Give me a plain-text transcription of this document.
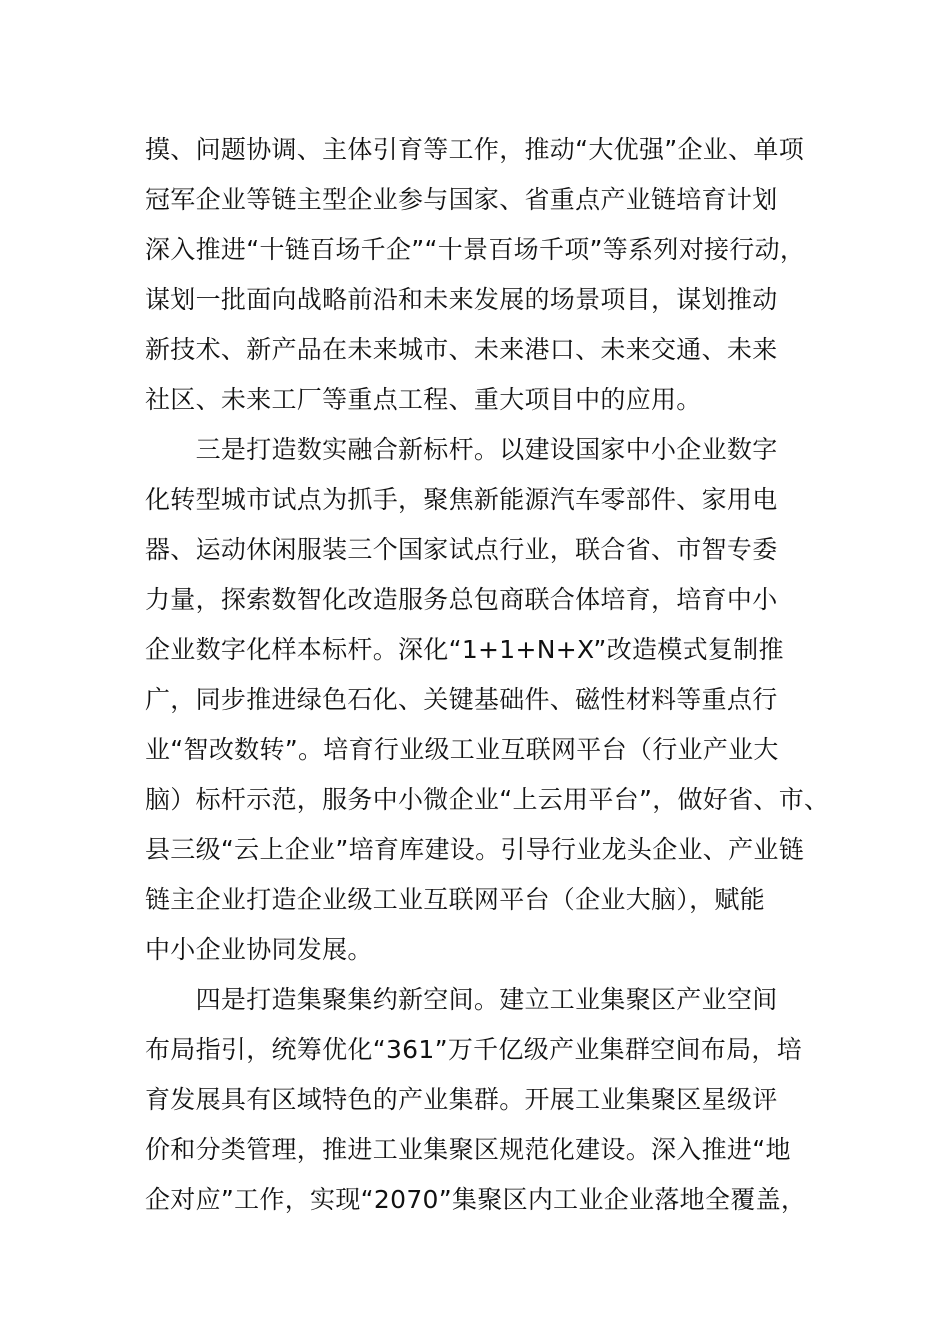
摸、问题协调、主体引育等工作，推动“大优强”企业、单项
冠军企业等链主型企业参与国家、省重点产业链培育计划
深入推进“十链百场千企”“十景百场千项”等系列对接行动，
谋划一批面向战略前沿和未来发展的场景项目，谋划推动
新技术、新产品在未来城市、未来港口、未来交通、未来
社区、未来工厂等重点工程、重大项目中的应用。
　　三是打造数实融合新标杆。以建设国家中小企业数字
化转型城市试点为抓手，聚焦新能源汽车零部件、家用电
器、运动休闲服装三个国家试点行业，联合省、市智专委
力量，探索数智化改造服务总包商联合体培育，培育中小
企业数字化样本标杆。深化“1+1+N+X”改造模式复制推
广，同步推进绿色石化、关键基础件、磁性材料等重点行
业“智改数转”。培育行业级工业互联网平台（行业产业大
脑）标杆示范，服务中小微企业“上云用平台”，做好省、市、
县三级“云上企业”培育库建设。引导行业龙头企业、产业链
链主企业打造企业级工业互联网平台（企业大脑），赋能
中小企业协同发展。
　　四是打造集聚集约新空间。建立工业集聚区产业空间
布局指引，统筹优化“361”万千亿级产业集群空间布局，培
育发展具有区域特色的产业集群。开展工业集聚区星级评
价和分类管理，推进工业集聚区规范化建设。深入推进“地
企对应”工作，实现“2070”集聚区内工业企业落地全覆盖，
